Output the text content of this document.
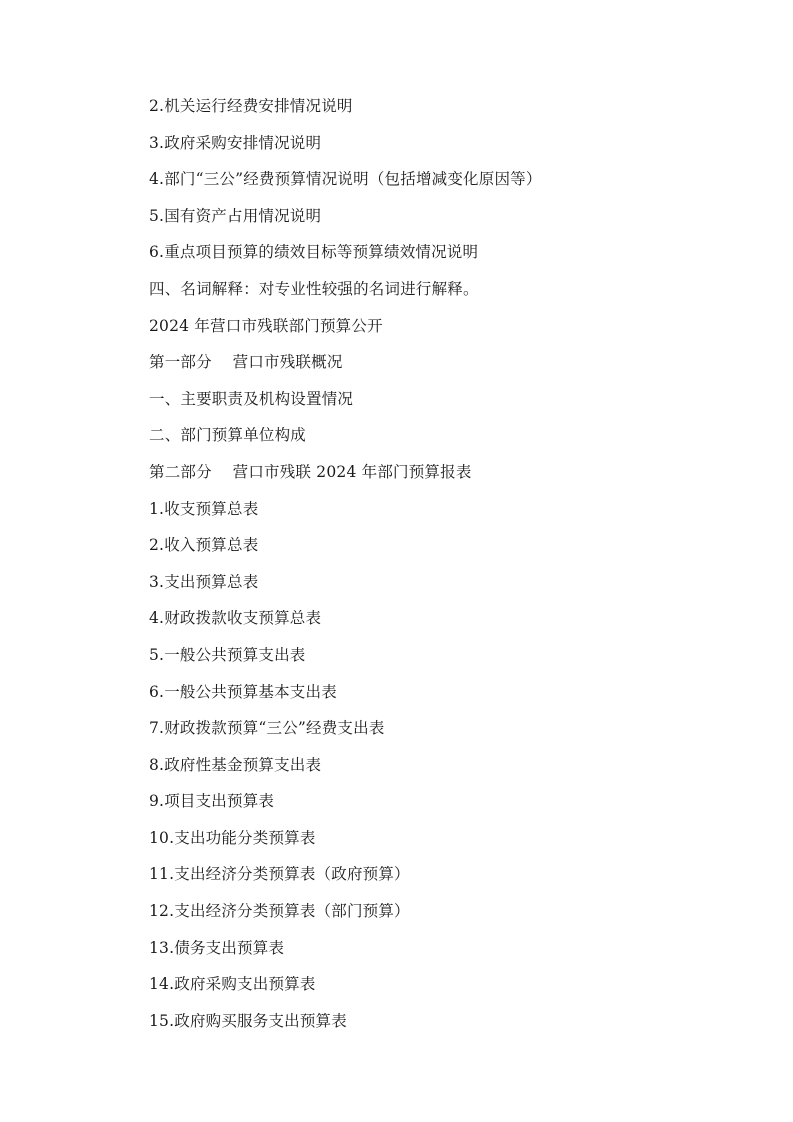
2.机关运行经费安排情况说明
3.政府采购安排情况说明
4.部门“三公”经费预算情况说明（包括增减变化原因等）
5.国有资产占用情况说明
6.重点项目预算的绩效目标等预算绩效情况说明
四、名词解释：对专业性较强的名词进行解释。
2024 年营口市残联部门预算公开
第一部分　 营口市残联概况
一、主要职责及机构设置情况
二、部门预算单位构成
第二部分　 营口市残联 2024 年部门预算报表
1.收支预算总表
2.收入预算总表
3.支出预算总表
4.财政拨款收支预算总表
5.一般公共预算支出表
6.一般公共预算基本支出表
7.财政拨款预算“三公”经费支出表
8.政府性基金预算支出表
9.项目支出预算表
10.支出功能分类预算表
11.支出经济分类预算表（政府预算）
12.支出经济分类预算表（部门预算）
13.债务支出预算表
14.政府采购支出预算表
15.政府购买服务支出预算表
